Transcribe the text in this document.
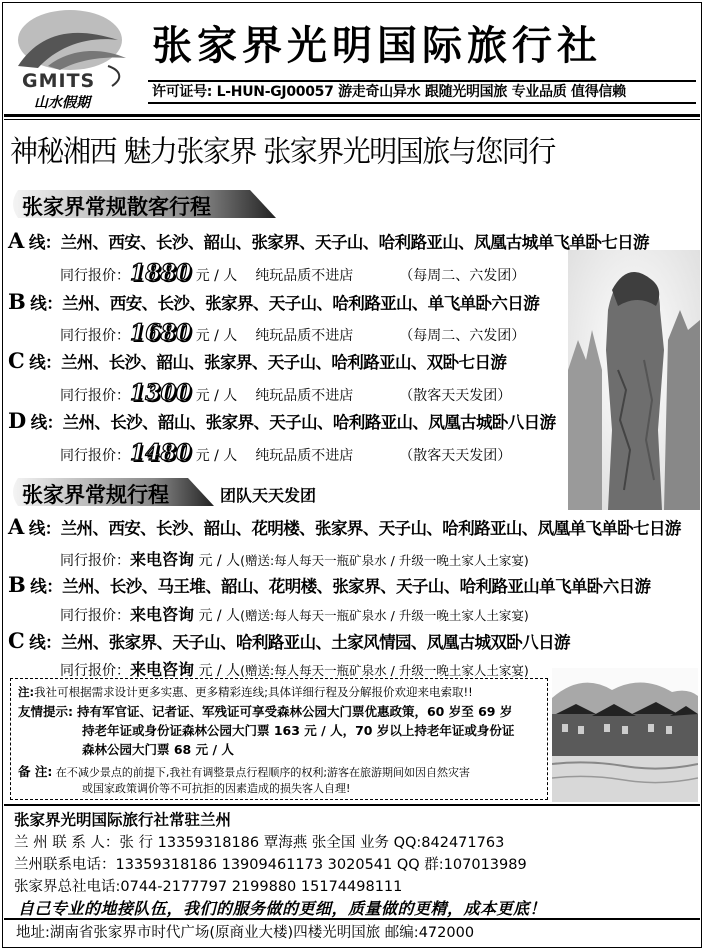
GMITS
山水假期
张家界光明国际旅行社
许可证号: L-HUN-GJ00057 游走奇山异水 跟随光明国旅 专业品质 值得信赖
神秘湘西 魅力张家界 张家界光明国旅与您同行
张家界常规散客行程
A 线：兰州、西安、长沙、韶山、张家界、天子山、哈利路亚山、凤凰古城单飞单卧七日游
同行报价：1880 元 / 人 纯玩品质不进店	（每周二、六发团）
B 线：兰州、西安、长沙、张家界、天子山、哈利路亚山、单飞单卧六日游
同行报价：1680 元 / 人 纯玩品质不进店	（每周二、六发团）
C 线：兰州、长沙、韶山、张家界、天子山、哈利路亚山、双卧七日游
同行报价：1300 元 / 人 纯玩品质不进店	（散客天天发团）
D 线：兰州、长沙、韶山、张家界、天子山、哈利路亚山、凤凰古城卧八日游
同行报价：1480 元 / 人 纯玩品质不进店	（散客天天发团）
张家界常规行程	团队天天发团
A 线：兰州、西安、长沙、韶山、花明楼、张家界、天子山、哈利路亚山、凤凰单飞单卧七日游
同行报价：来电咨询 元 / 人(赠送:每人每天一瓶矿泉水 / 升级一晚土家人土家宴)
B 线：兰州、长沙、马王堆、韶山、花明楼、张家界、天子山、哈利路亚山单飞单卧六日游
同行报价：来电咨询 元 / 人(赠送:每人每天一瓶矿泉水 / 升级一晚土家人土家宴)
C 线：兰州、张家界、天子山、哈利路亚山、土家风情园、凤凰古城双卧八日游
同行报价：来电咨询 元 / 人(赠送:每人每天一瓶矿泉水 / 升级一晚土家人土家宴)
注:我社可根据需求设计更多实惠、更多精彩连线;具体详细行程及分解报价欢迎来电索取!!
友情提示: 持有军官证、记者证、军残证可享受森林公园大门票优惠政策，60 岁至 69 岁
持老年证或身份证森林公园大门票 163 元 / 人，70 岁以上持老年证或身份证
森林公园大门票 68 元 / 人
备 注: 在不减少景点的前提下,我社有调整景点行程顺序的权利;游客在旅游期间如因自然灾害
或国家政策调价等不可抗拒的因素造成的损失客人自理!
张家界光明国际旅行社常驻兰州
兰 州 联 系 人：张 行 13359318186 覃海燕 张全国 业务 QQ:842471763
兰州联系电话：13359318186 13909461173 3020541 QQ 群:107013989
张家界总社电话:0744-2177797 2199880 15174498111
自己专业的地接队伍，我们的服务做的更细，质量做的更精，成本更底！
地址:湖南省张家界市时代广场(原商业大楼)四楼光明国旅 邮编:472000
